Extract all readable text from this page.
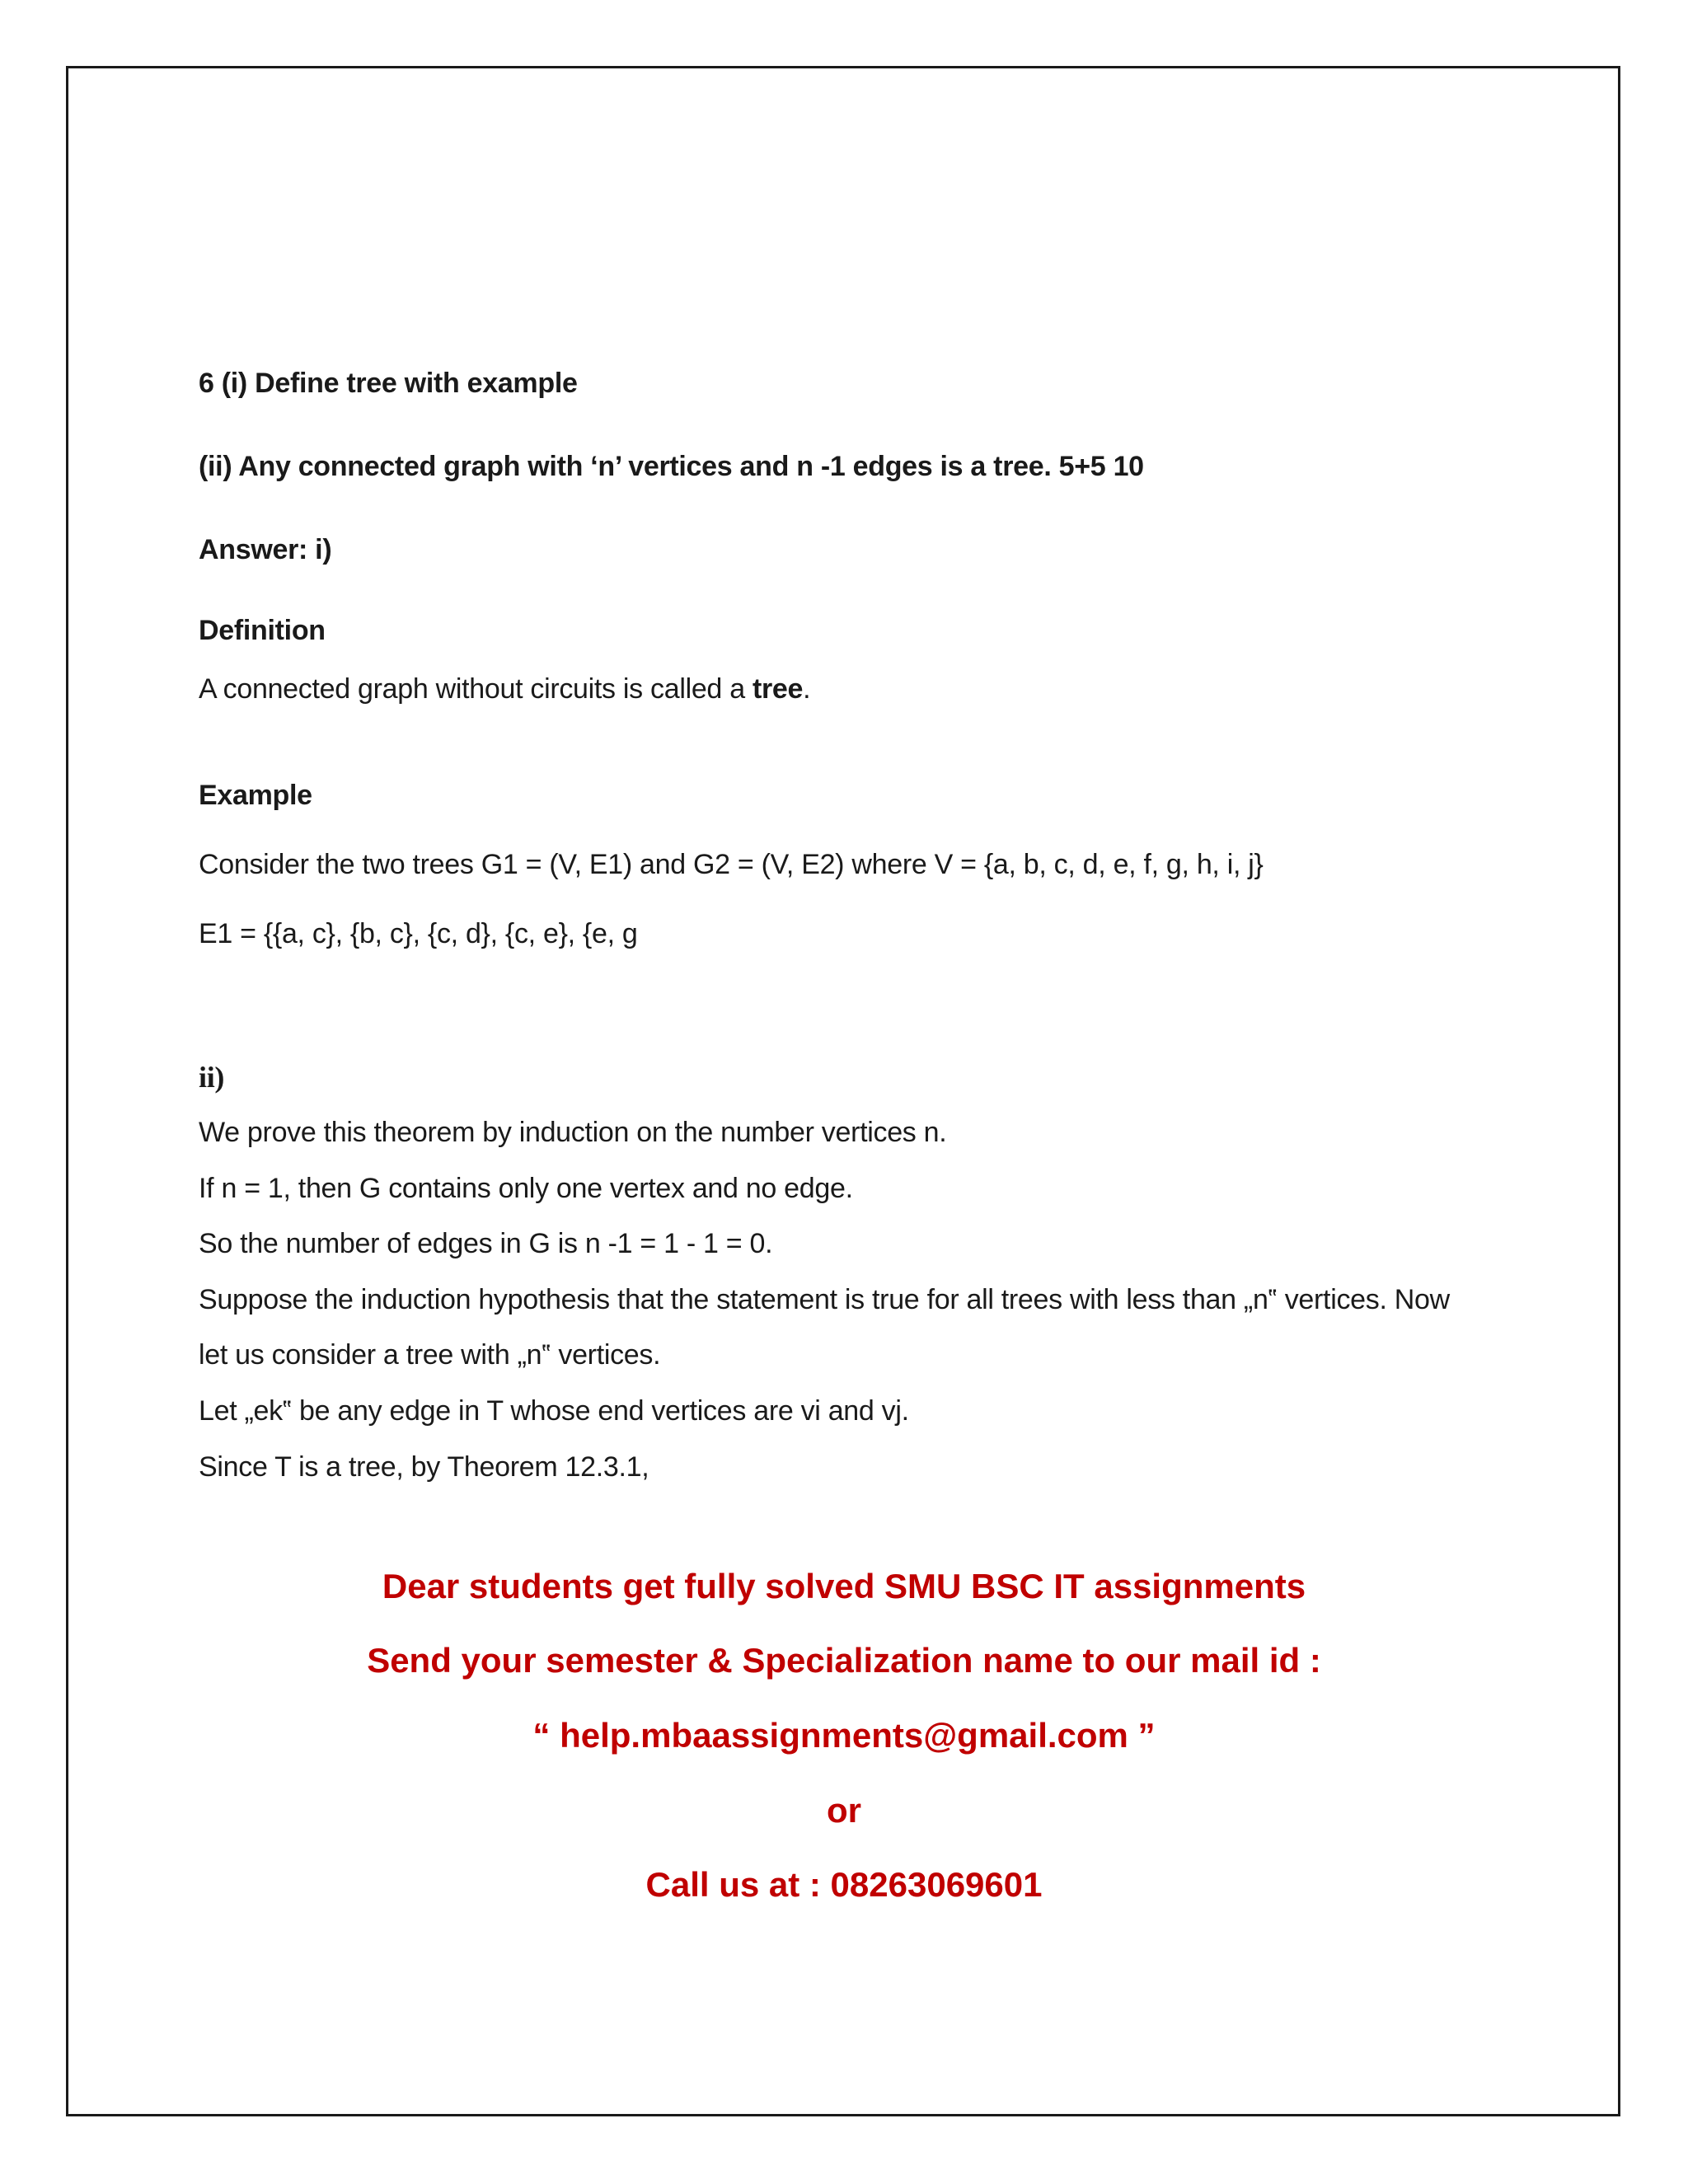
6 (i) Define tree with example
(ii) Any connected graph with ‘n’ vertices and n -1 edges is a tree. 5+5 10
Answer: i)
Definition
A connected graph without circuits is called a tree.
Example
Consider the two trees G1 = (V, E1) and G2 = (V, E2) where V = {a, b, c, d, e, f, g, h, i, j}
E1 = {{a, c}, {b, c}, {c, d}, {c, e}, {e, g
ii)
We prove this theorem by induction on the number vertices n.
If n = 1, then G contains only one vertex and no edge.
So the number of edges in G is n -1 = 1 - 1 = 0.
Suppose the induction hypothesis that the statement is true for all trees with less than „n‟ vertices. Now
let us consider a tree with „n‟ vertices.
Let „ek‟ be any edge in T whose end vertices are vi and vj.
Since T is a tree, by Theorem 12.3.1,
Dear students get fully solved SMU BSC IT assignments
Send your semester & Specialization name to our mail id :
“ help.mbaassignments@gmail.com ”
or
Call us at : 08263069601
